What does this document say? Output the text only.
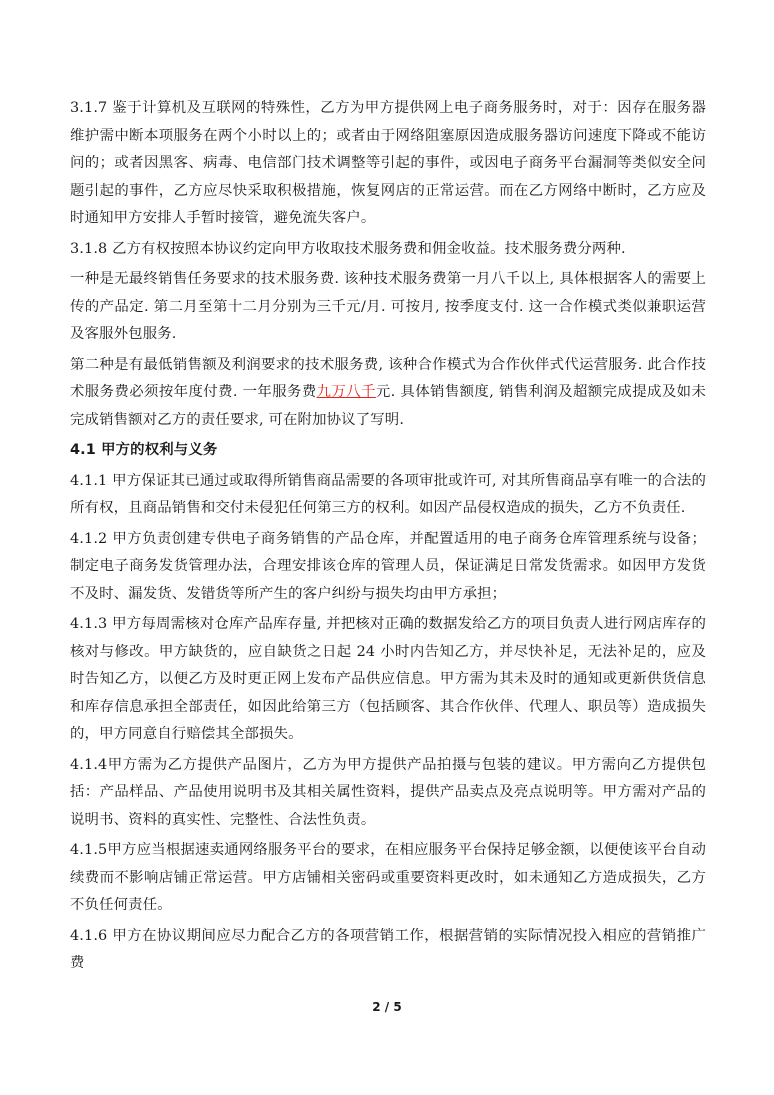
3.1.7 鉴于计算机及互联网的特殊性，乙方为甲方提供网上电子商务服务时，对于：因存在服务器维护需中断本项服务在两个小时以上的；或者由于网络阻塞原因造成服务器访问速度下降或不能访问的；或者因黑客、病毒、电信部门技术调整等引起的事件，或因电子商务平台漏洞等类似安全问题引起的事件，乙方应尽快采取积极措施，恢复网店的正常运营。而在乙方网络中断时，乙方应及时通知甲方安排人手暂时接管，避免流失客户。

3.1.8 乙方有权按照本协议约定向甲方收取技术服务费和佣金收益。技术服务费分两种.

一种是无最终销售任务要求的技术服务费. 该种技术服务费第一月八千以上, 具体根据客人的需要上传的产品定. 第二月至第十二月分别为三千元/月. 可按月, 按季度支付. 这一合作模式类似兼职运营及客服外包服务.

第二种是有最低销售额及利润要求的技术服务费, 该种合作模式为合作伙伴式代运营服务. 此合作技术服务费必须按年度付费. 一年服务费九万八千元. 具体销售额度, 销售利润及超额完成提成及如未完成销售额对乙方的责任要求, 可在附加协议了写明.

4.1 甲方的权利与义务

4.1.1 甲方保证其已通过或取得所销售商品需要的各项审批或许可, 对其所售商品享有唯一的合法的所有权，且商品销售和交付未侵犯任何第三方的权利。如因产品侵权造成的损失，乙方不负责任.

4.1.2 甲方负责创建专供电子商务销售的产品仓库，并配置适用的电子商务仓库管理系统与设备；制定电子商务发货管理办法，合理安排该仓库的管理人员，保证满足日常发货需求。如因甲方发货不及时、漏发货、发错货等所产生的客户纠纷与损失均由甲方承担；

4.1.3 甲方每周需核对仓库产品库存量, 并把核对正确的数据发给乙方的项目负责人进行网店库存的核对与修改。甲方缺货的，应自缺货之日起 24 小时内告知乙方，并尽快补足，无法补足的，应及时告知乙方，以便乙方及时更正网上发布产品供应信息。甲方需为其未及时的通知或更新供货信息和库存信息承担全部责任，如因此给第三方（包括顾客、其合作伙伴、代理人、职员等）造成损失的，甲方同意自行赔偿其全部损失。

4.1.4甲方需为乙方提供产品图片，乙方为甲方提供产品拍摄与包装的建议。甲方需向乙方提供包括：产品样品、产品使用说明书及其相关属性资料，提供产品卖点及亮点说明等。甲方需对产品的说明书、资料的真实性、完整性、合法性负责。

4.1.5甲方应当根据速卖通网络服务平台的要求，在相应服务平台保持足够金额，以便使该平台自动续费而不影响店铺正常运营。甲方店铺相关密码或重要资料更改时，如未通知乙方造成损失，乙方不负任何责任。

4.1.6 甲方在协议期间应尽力配合乙方的各项营销工作，根据营销的实际情况投入相应的营销推广费

2 / 5
